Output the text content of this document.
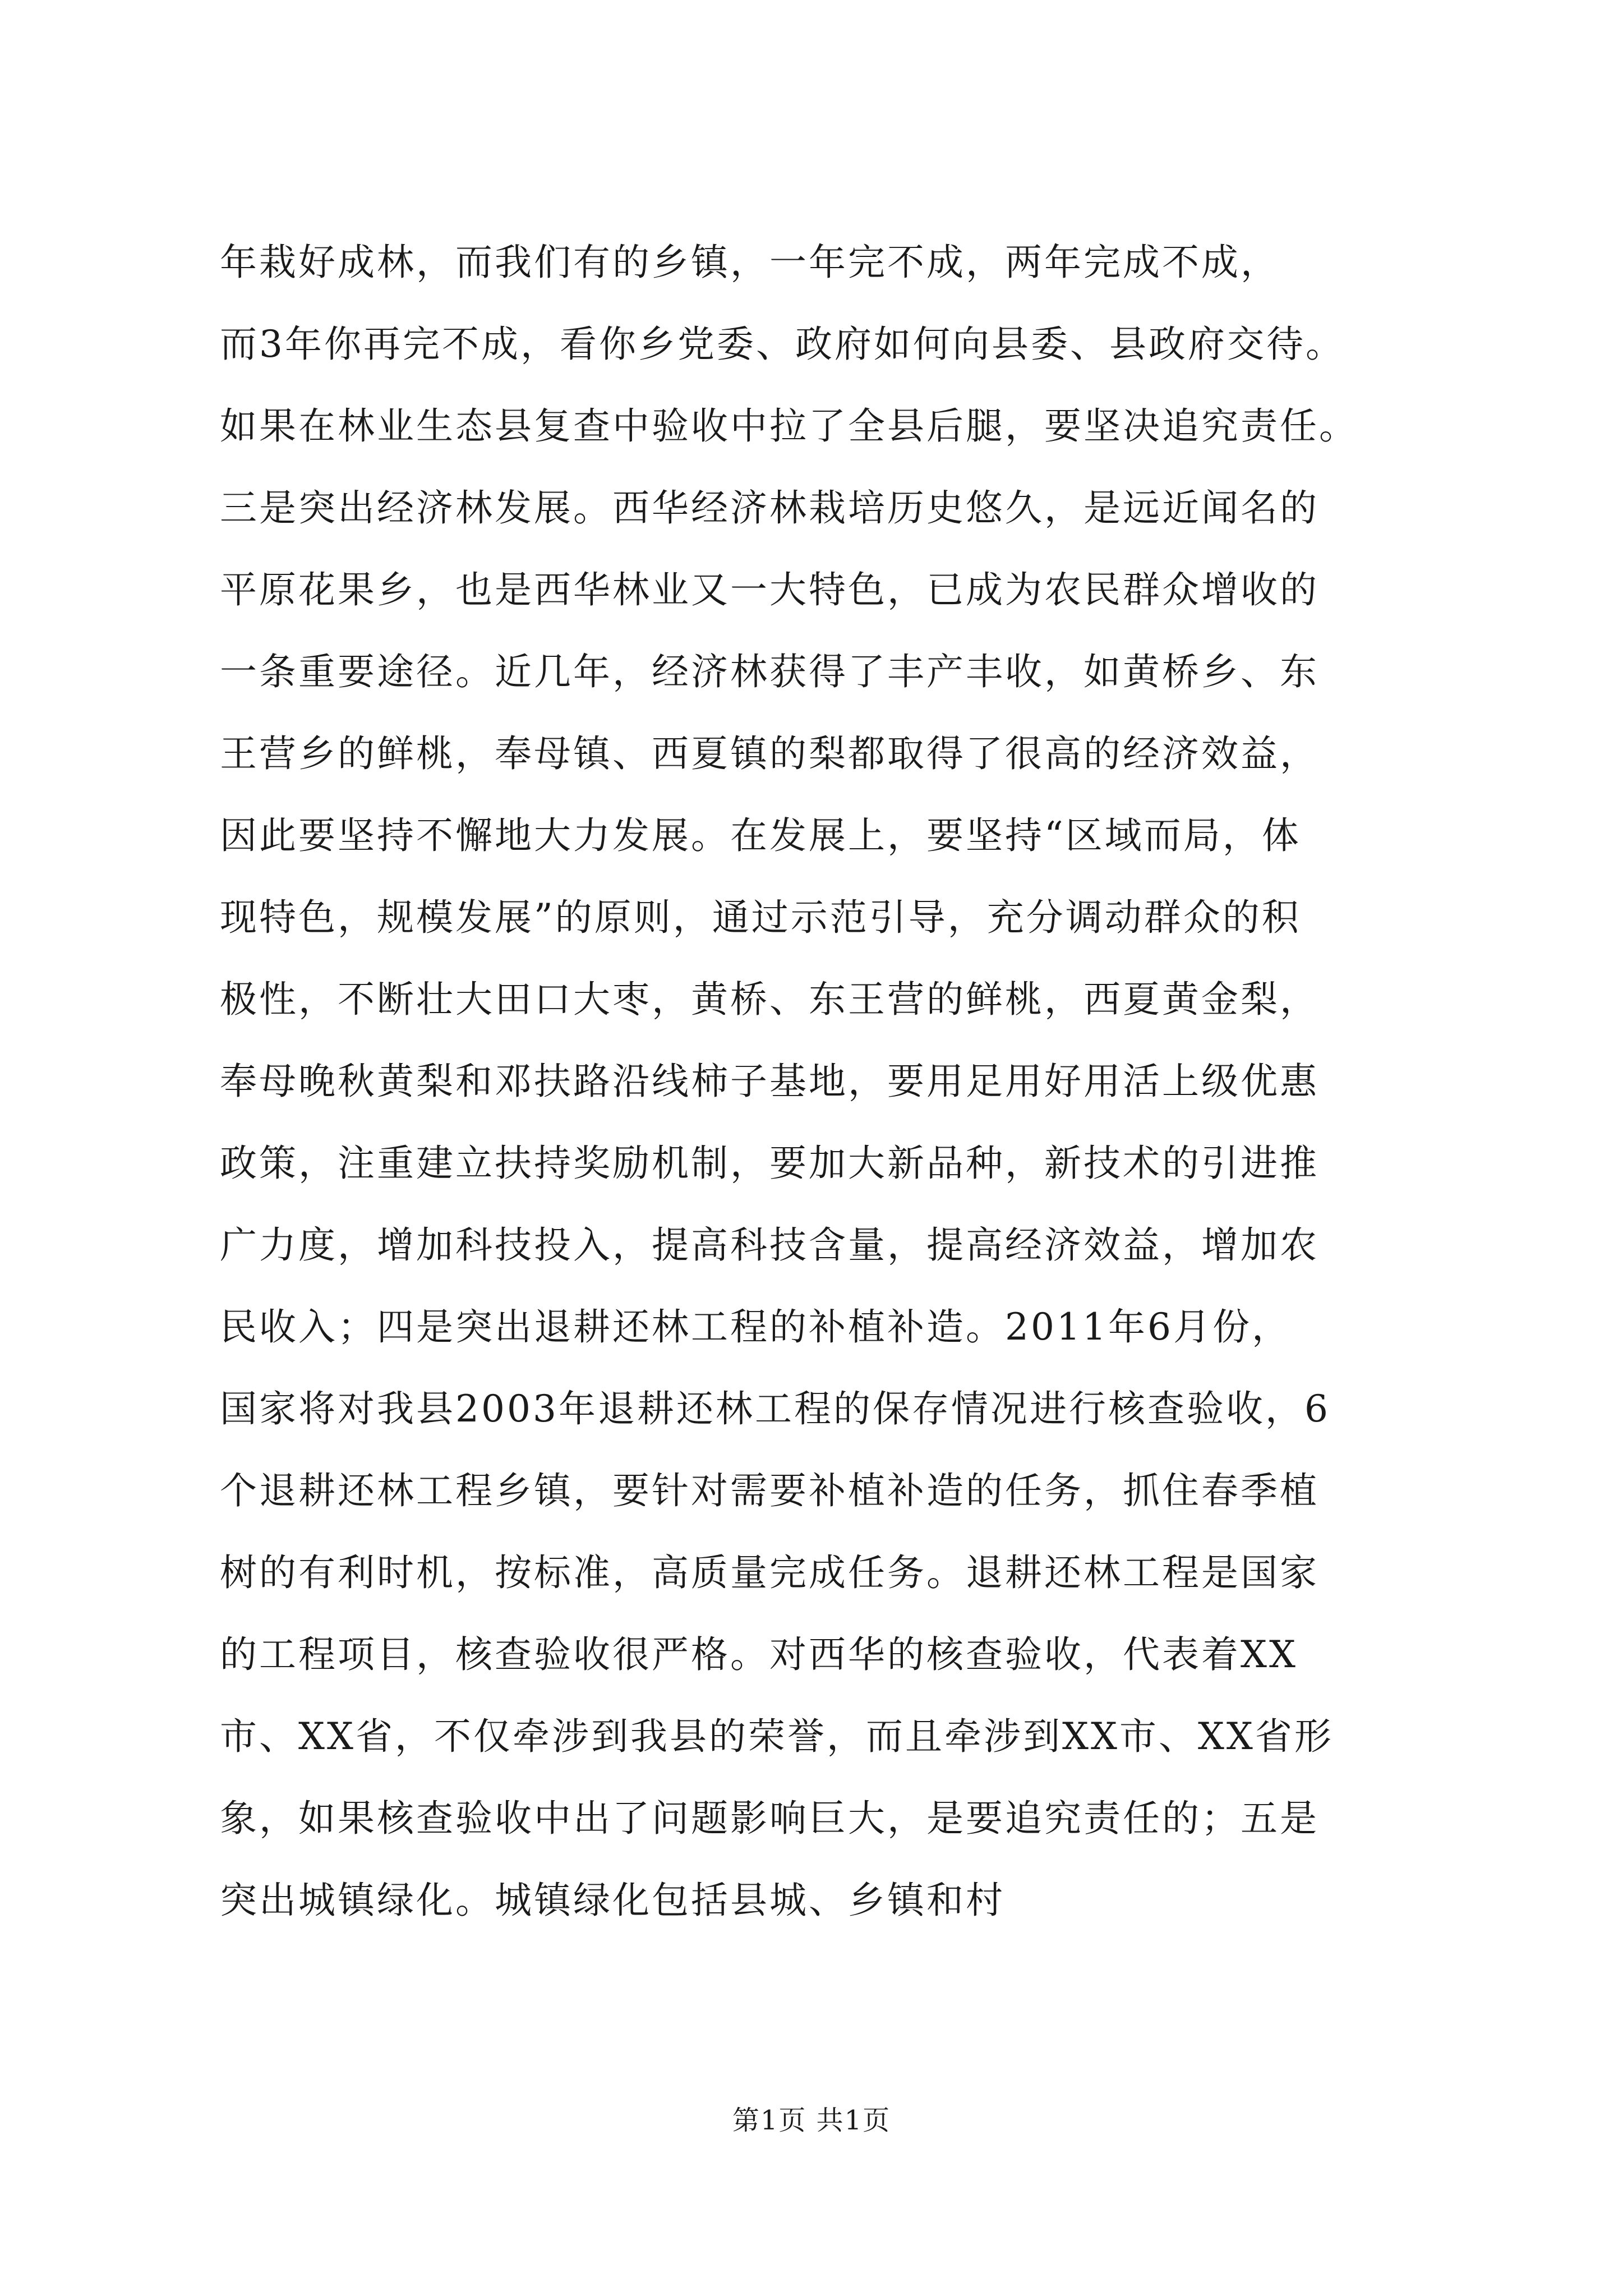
年栽好成林，而我们有的乡镇，一年完不成，两年完成不成，
而3年你再完不成，看你乡党委、政府如何向县委、县政府交待。
如果在林业生态县复查中验收中拉了全县后腿，要坚决追究责任。
三是突出经济林发展。西华经济林栽培历史悠久，是远近闻名的
平原花果乡，也是西华林业又一大特色，已成为农民群众增收的
一条重要途径。近几年，经济林获得了丰产丰收，如黄桥乡、东
王营乡的鲜桃，奉母镇、西夏镇的梨都取得了很高的经济效益，
因此要坚持不懈地大力发展。在发展上，要坚持“区域而局，体
现特色，规模发展”的原则，通过示范引导，充分调动群众的积
极性，不断壮大田口大枣，黄桥、东王营的鲜桃，西夏黄金梨，
奉母晚秋黄梨和邓扶路沿线柿子基地，要用足用好用活上级优惠
政策，注重建立扶持奖励机制，要加大新品种，新技术的引进推
广力度，增加科技投入，提高科技含量，提高经济效益，增加农
民收入；四是突出退耕还林工程的补植补造。2011年6月份，
国家将对我县2003年退耕还林工程的保存情况进行核查验收，6
个退耕还林工程乡镇，要针对需要补植补造的任务，抓住春季植
树的有利时机，按标准，高质量完成任务。退耕还林工程是国家
的工程项目，核查验收很严格。对西华的核查验收，代表着XX
市、XX省，不仅牵涉到我县的荣誉，而且牵涉到XX市、XX省形
象，如果核查验收中出了问题影响巨大，是要追究责任的；五是
突出城镇绿化。城镇绿化包括县城、乡镇和村
第1页 共1页
